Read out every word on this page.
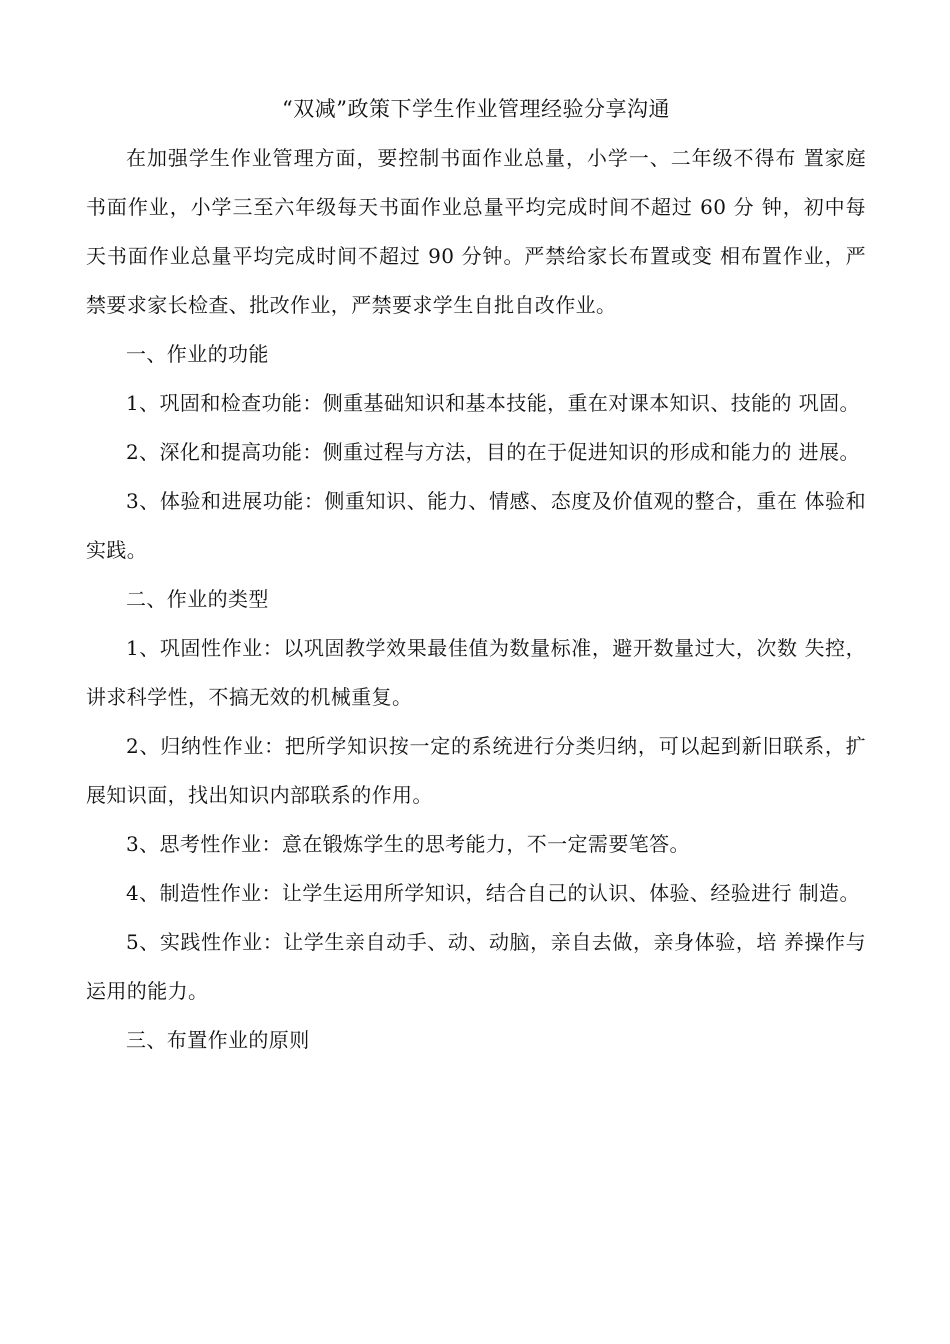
“双减”政策下学生作业管理经验分享沟通

在加强学生作业管理方面，要控制书面作业总量，小学一、二年级不得布 置家庭书面作业，小学三至六年级每天书面作业总量平均完成时间不超过 60 分 钟，初中每天书面作业总量平均完成时间不超过 90 分钟。严禁给家长布置或变 相布置作业，严禁要求家长检查、批改作业，严禁要求学生自批自改作业。

一、作业的功能

1、巩固和检查功能：侧重基础知识和基本技能，重在对课本知识、技能的 巩固。

2、深化和提高功能：侧重过程与方法，目的在于促进知识的形成和能力的 进展。

3、体验和进展功能：侧重知识、能力、情感、态度及价值观的整合，重在 体验和实践。

二、作业的类型

1、巩固性作业：以巩固教学效果最佳值为数量标准，避开数量过大，次数 失控，讲求科学性，不搞无效的机械重复。

2、归纳性作业：把所学知识按一定的系统进行分类归纳，可以起到新旧联系，扩展知识面，找出知识内部联系的作用。

3、思考性作业：意在锻炼学生的思考能力，不一定需要笔答。

4、制造性作业：让学生运用所学知识，结合自己的认识、体验、经验进行 制造。

5、实践性作业：让学生亲自动手、动、动脑，亲自去做，亲身体验，培 养操作与运用的能力。

三、布置作业的原则
